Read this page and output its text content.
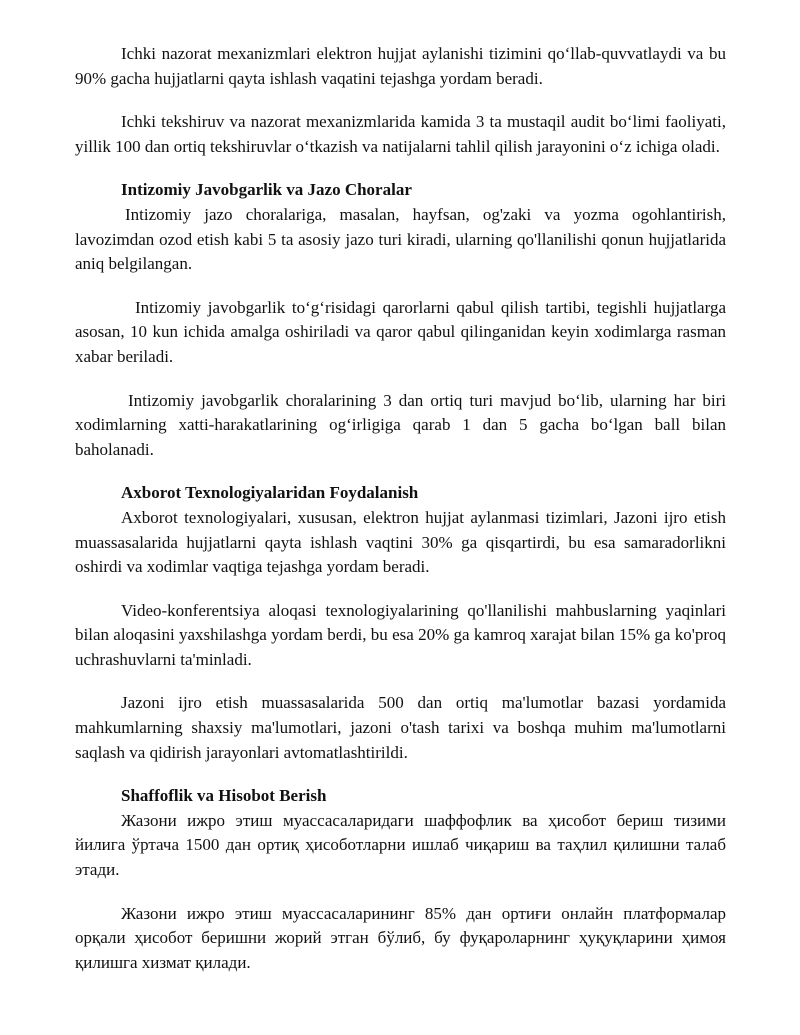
Ichki nazorat mexanizmlari elektron hujjat aylanishi tizimini qo‘llab-quvvatlaydi va bu 90% gacha hujjatlarni qayta ishlash vaqatini tejashga yordam beradi.

Ichki tekshiruv va nazorat mexanizmlarida kamida 3 ta mustaqil audit bo‘limi faoliyati, yillik 100 dan ortiq tekshiruvlar o‘tkazish va natijalarni tahlil qilish jarayonini o‘z ichiga oladi.

Intizomiy Javobgarlik va Jazo Choralar

Intizomiy jazo choralariga, masalan, hayfsan, og'zaki va yozma ogohlantirish, lavozimdan ozod etish kabi 5 ta asosiy jazo turi kiradi, ularning qo'llanilishi qonun hujjatlarida aniq belgilangan.

Intizomiy javobgarlik to‘g‘risidagi qarorlarni qabul qilish tartibi, tegishli hujjatlarga asosan, 10 kun ichida amalga oshiriladi va qaror qabul qilinganidan keyin xodimlarga rasman xabar beriladi.

Intizomiy javobgarlik choralarining 3 dan ortiq turi mavjud bo‘lib, ularning har biri xodimlarning xatti-harakatlarining og‘irligiga qarab 1 dan 5 gacha bo‘lgan ball bilan baholanadi.

Axborot Texnologiyalaridan Foydalanish

Axborot texnologiyalari, xususan, elektron hujjat aylanmasi tizimlari, Jazoni ijro etish muassasalarida hujjatlarni qayta ishlash vaqtini 30% ga qisqartirdi, bu esa samaradorlikni oshirdi va xodimlar vaqtiga tejashga yordam beradi.

Video-konferentsiya aloqasi texnologiyalarining qo'llanilishi mahbuslarning yaqinlari bilan aloqasini yaxshilashga yordam berdi, bu esa 20% ga kamroq xarajat bilan 15% ga ko'proq uchrashuvlarni ta'minladi.

Jazoni ijro etish muassasalarida 500 dan ortiq ma'lumotlar bazasi yordamida mahkumlarning shaxsiy ma'lumotlari, jazoni o'tash tarixi va boshqa muhim ma'lumotlarni saqlash va qidirish jarayonlari avtomatlashtirildi.

Shaffoflik va Hisobot Berish

Жазони ижро этиш муассасаларидаги шаффофлик ва ҳисобот бериш тизими йилига ўртача 1500 дан ортиқ ҳисоботларни ишлаб чиқариш ва таҳлил қилишни талаб этади.

Жазони ижро этиш муассасаларининг 85% дан ортиғи онлайн платформалар орқали ҳисобот беришни жорий этган бўлиб, бу фуқароларнинг ҳуқуқларини ҳимоя қилишга хизмат қилади.
